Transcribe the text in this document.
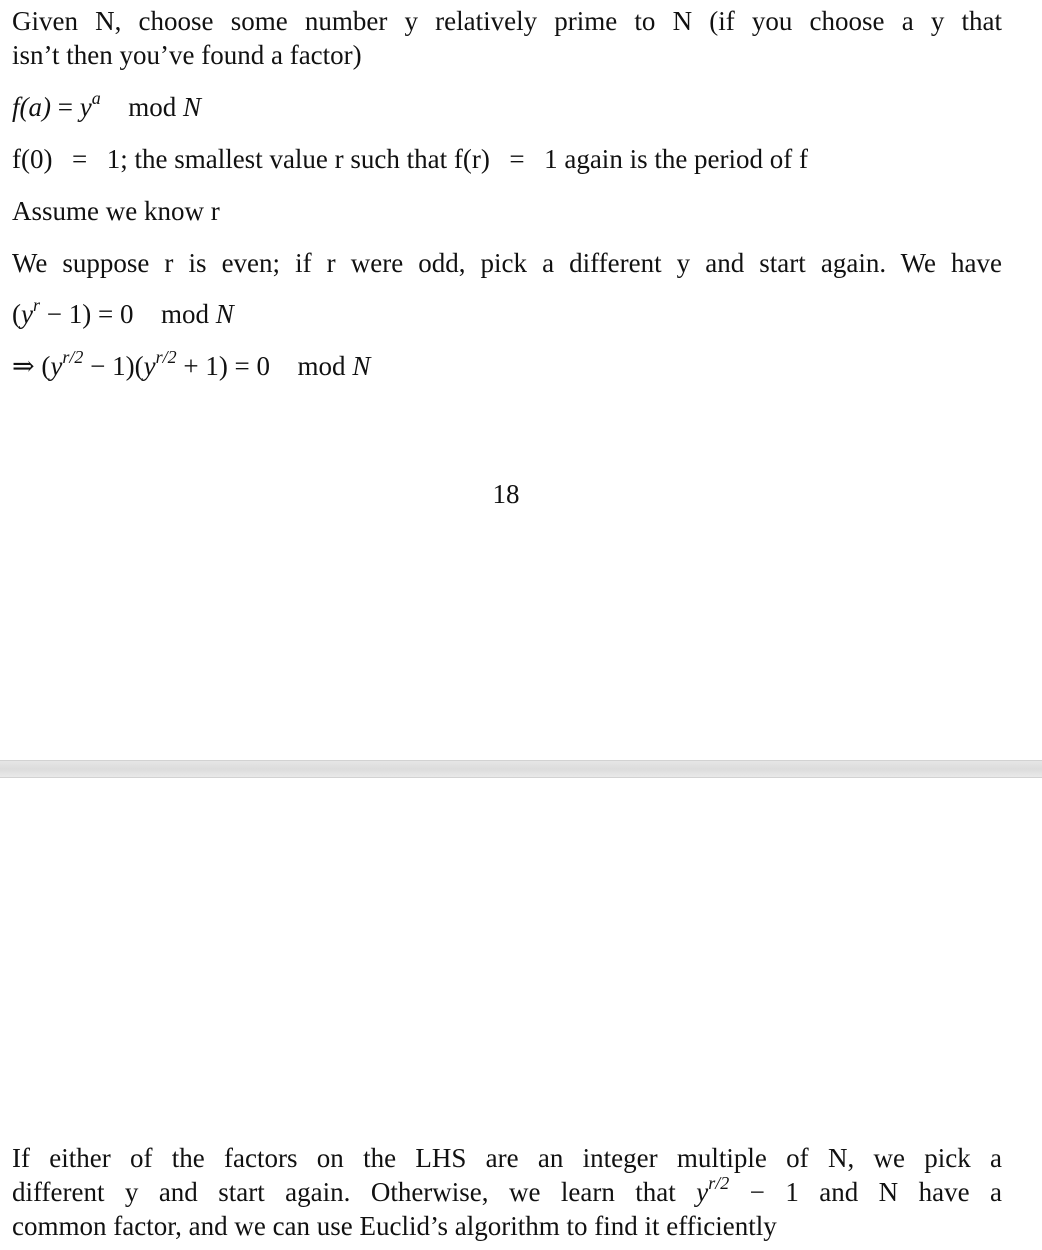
Given N, choose some number y relatively prime to N (if you choose a y that
isn’t then you’ve found a factor)
$f(a) = y^a$ mod N
f(0) = 1; the smallest value r such that f(r) = 1 again is the period of f
Assume we know r
We suppose r is even; if r were odd, pick a different y and start again. We have
$(y^r - 1) = 0$ mod N
⇒ $(y^{r/2} - 1)(y^{r/2} + 1) = 0$ mod N
18
If either of the factors on the LHS are an integer multiple of N, we pick a
different y and start again. Otherwise, we learn that $y^{r/2} - 1$ and N have a
common factor, and we can use Euclid’s algorithm to find it efficiently
